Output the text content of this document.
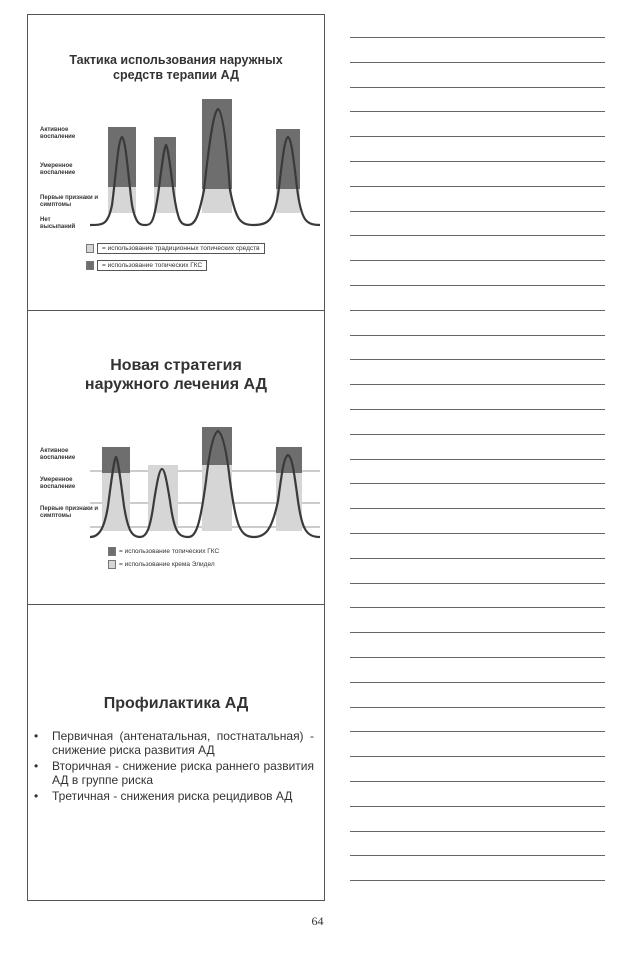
Тактика использования наружных
средств терапии АД
Активное воспаление
Умеренное воспаление
Первые признаки и симптомы
Нет высыпаний
= использование традиционных топических средств
= использование топических ГКС
Новая стратегия
наружного лечения АД
Активное воспаление
Умеренное воспаление
Первые признаки и симптомы
= использование топических ГКС
= использование крема Элидел
Профилактика АД
• Первичная (антенатальная, постнатальная) - снижение риска развития АД
• Вторичная - снижение риска раннего развития АД в группе риска
• Третичная - снижения риска рецидивов АД
64
